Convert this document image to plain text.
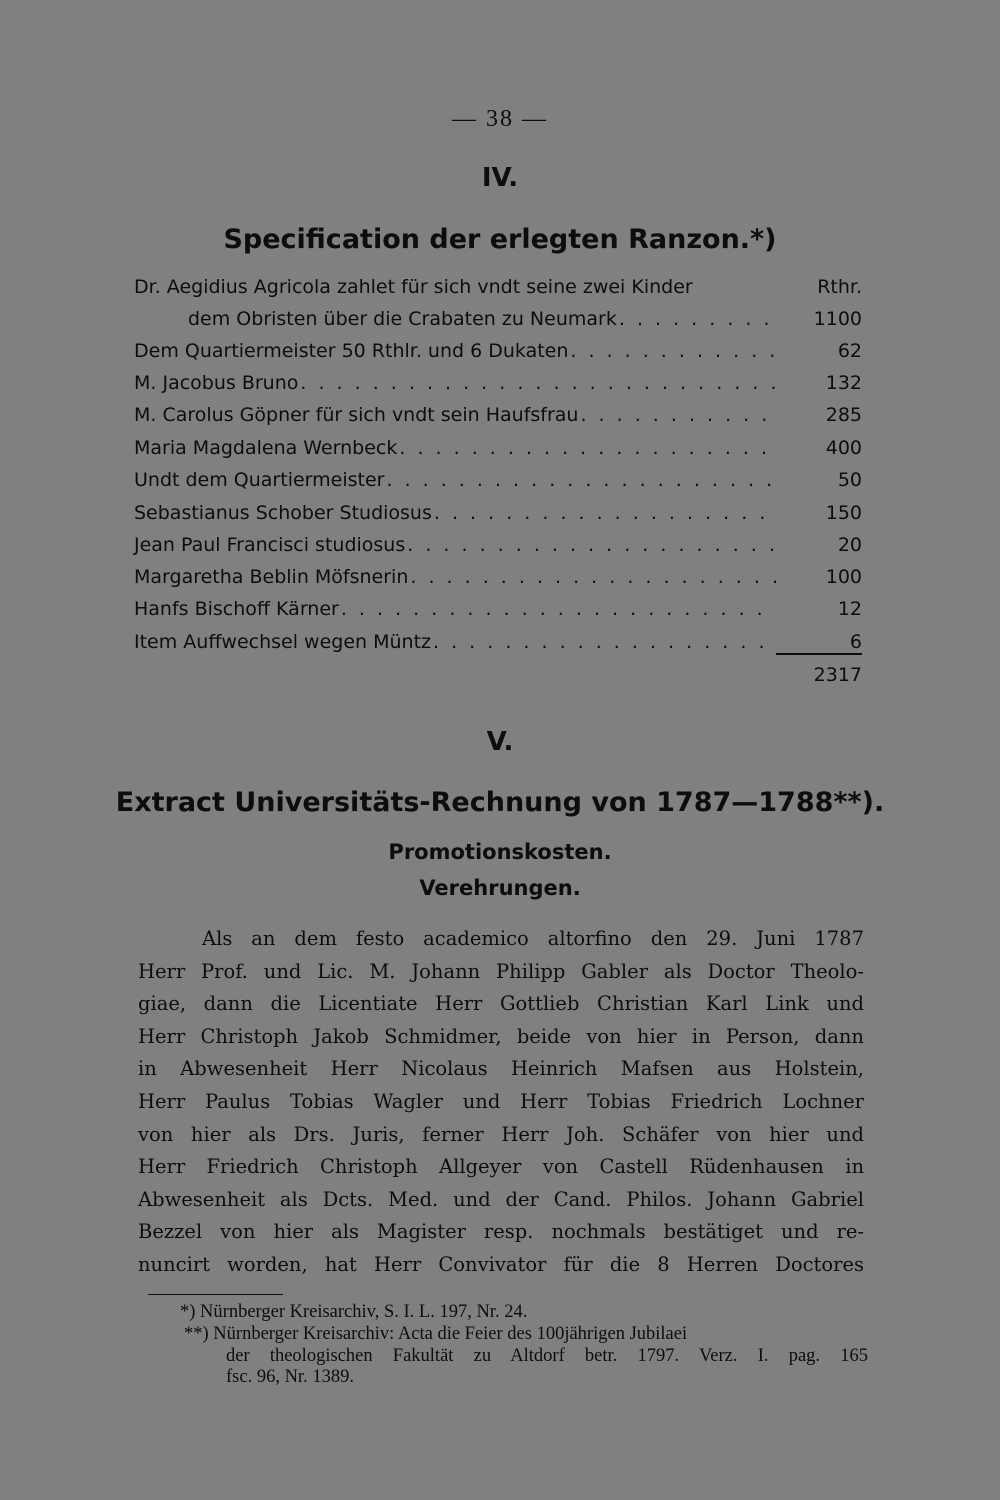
— 38 —
IV.
Specification der erlegten Ranzon.*)
Dr. Aegidius Agricola zahlet für sich vndt seine zwei Kinder	Rthr.
dem Obristen über die Crabaten zu Neumark . . .	1100
Dem Quartiermeister 50 Rthlr. und 6 Dukaten . . .	62
M. Jacobus Bruno . . .	132
M. Carolus Göpner für sich vndt sein Haufsfrau . . .	285
Maria Magdalena Wernbeck . . .	400
Undt dem Quartiermeister . . .	50
Sebastianus Schober Studiosus . . .	150
Jean Paul Francisci studiosus . . .	20
Margaretha Beblin Möfsnerin . . .	100
Hanfs Bischoff Kärner . . .	12
Item Auffwechsel wegen Müntz . . .	6
2317
V.
Extract Universitäts-Rechnung von 1787—1788**).
Promotionskosten.
Verehrungen.

Als an dem festo academico altorfino den 29. Juni 1787
Herr Prof. und Lic. M. Johann Philipp Gabler als Doctor Theolo-
giae, dann die Licentiate Herr Gottlieb Christian Karl Link und
Herr Christoph Jakob Schmidmer, beide von hier in Person, dann
in Abwesenheit Herr Nicolaus Heinrich Mafsen aus Holstein,
Herr Paulus Tobias Wagler und Herr Tobias Friedrich Lochner
von hier als Drs. Juris, ferner Herr Joh. Schäfer von hier und
Herr Friedrich Christoph Allgeyer von Castell Rüdenhausen in
Abwesenheit als Dcts. Med. und der Cand. Philos. Johann Gabriel
Bezzel von hier als Magister resp. nochmals bestätiget und re-
nuncirt worden, hat Herr Convivator für die 8 Herren Doctores

*) Nürnberger Kreisarchiv, S. I. L. 197, Nr. 24.
**) Nürnberger Kreisarchiv: Acta die Feier des 100jährigen Jubilaei
der theologischen Fakultät zu Altdorf betr. 1797. Verz. I. pag. 165
fsc. 96, Nr. 1389.
